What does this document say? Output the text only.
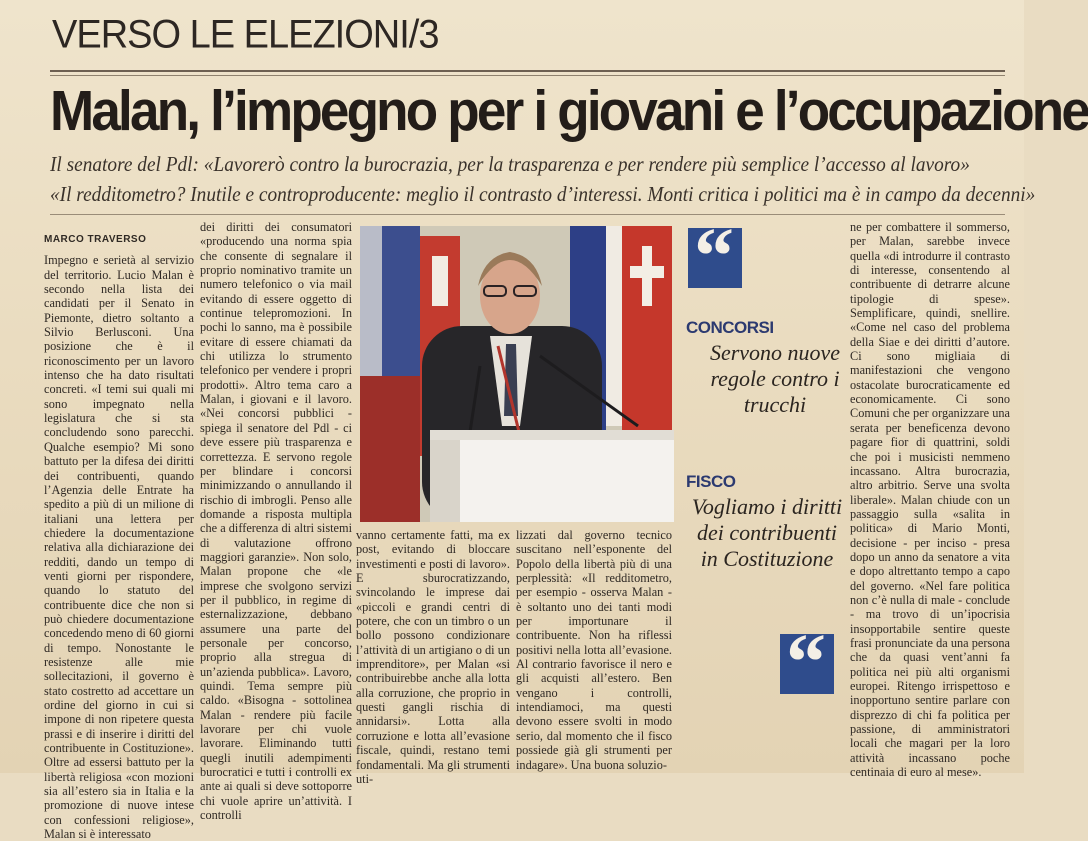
VERSO LE ELEZIONI/3
Malan, l’impegno per i giovani e l’occupazione
Il senatore del Pdl: «Lavorerò contro la burocrazia, per la trasparenza e per rendere più semplice l’accesso al lavoro»
«Il redditometro? Inutile e controproducente: meglio il contrasto d’interessi. Monti critica i politici ma è in campo da decenni»
MARCO TRAVERSO

Impegno e serietà al servizio del territorio. Lucio Malan è secondo nella lista dei candidati per il Senato in Piemonte, dietro soltanto a Silvio Berlusconi. Una posizione che è il riconoscimento per un lavoro intenso che ha dato risultati concreti. «I temi sui quali mi sono impegnato nella legislatura che si sta concludendo sono parecchi. Qualche esempio? Mi sono battuto per la difesa dei diritti dei contribuenti, quando l’Agenzia delle Entrate ha spedito a più di un milione di italiani una lettera per chiedere la documentazione relativa alla dichiarazione dei redditi, dando un tempo di venti giorni per rispondere, quando lo statuto del contribuente dice che non si può chiedere documentazione concedendo meno di 60 giorni di tempo. Nonostante le resistenze alle mie sollecitazioni, il governo è stato costretto ad accettare un ordine del giorno in cui si impone di non ripetere questa prassi e di inserire i diritti del contribuente in Costituzione». Oltre ad essersi battuto per la libertà religiosa «con mozioni sia all’estero sia in Italia e la promozione di nuove intese con confessioni religiose», Malan si è interessato

dei diritti dei consumatori «producendo una norma spia che consente di segnalare il proprio nominativo tramite un numero telefonico o via mail evitando di essere oggetto di continue telepromozioni. In pochi lo sanno, ma è possibile evitare di essere chiamati da chi utilizza lo strumento telefonico per vendere i propri prodotti». Altro tema caro a Malan, i giovani e il lavoro. «Nei concorsi pubblici - spiega il senatore del Pdl - ci deve essere più trasparenza e correttezza. E servono regole per blindare i concorsi minimizzando o annullando il rischio di imbrogli. Penso alle domande a risposta multipla che a differenza di altri sistemi di valutazione offrono maggiori garanzie». Non solo, Malan propone che «le imprese che svolgono servizi per il pubblico, in regime di esternalizzazione, debbano assumere una parte del personale per concorso, proprio alla stregua di un’azienda pubblica». Lavoro, quindi. Tema sempre più caldo. «Bisogna - sottolinea Malan - rendere più facile lavorare per chi vuole lavorare. Eliminando tutti quegli inutili adempimenti burocratici e tutti i controlli ex ante ai quali si deve sottoporre chi vuole aprire un’attività. I controlli

vanno certamente fatti, ma ex post, evitando di bloccare investimenti e posti di lavoro». E sburocratizzando, svincolando le imprese dai «piccoli e grandi centri di potere, che con un timbro o un bollo possono condizionare l’attività di un artigiano o di un imprenditore», per Malan «si contribuirebbe anche alla lotta alla corruzione, che proprio in questi gangli rischia di annidarsi». Lotta alla corruzione e lotta all’evasione fiscale, quindi, restano temi fondamentali. Ma gli strumenti uti-

lizzati dal governo tecnico suscitano nell’esponente del Popolo della libertà più di una perplessità: «Il redditometro, per esempio - osserva Malan - è soltanto uno dei tanti modi per importunare il contribuente. Non ha riflessi positivi nella lotta all’evasione. Al contrario favorisce il nero e gli acquisti all’estero. Ben vengano i controlli, intendiamoci, ma questi devono essere svolti in modo serio, dal momento che il fisco possiede già gli strumenti per indagare». Una buona soluzio-

“
CONCORSI
Servono nuove regole contro i trucchi
FISCO
Vogliamo i diritti dei contribuenti in Costituzione

ne per combattere il sommerso, per Malan, sarebbe invece quella «di introdurre il contrasto di interesse, consentendo al contribuente di detrarre alcune tipologie di spese». Semplificare, quindi, snellire. «Come nel caso del problema della Siae e dei diritti d’autore. Ci sono migliaia di manifestazioni che vengono ostacolate burocraticamente ed economicamente. Ci sono Comuni che per organizzare una serata per beneficenza devono pagare fior di quattrini, soldi che poi i musicisti nemmeno incassano. Altra burocrazia, altro arbitrio. Serve una svolta liberale». Malan chiude con un passaggio sulla «salita in politica» di Mario Monti, decisione - per inciso - presa dopo un anno da senatore a vita e dopo altrettanto tempo a capo del governo. «Nel fare politica non c’è nulla di male - conclude - ma trovo di un’ipocrisia insopportabile sentire queste frasi pronunciate da una persona che da quasi vent’anni fa politica nei più alti organismi europei. Ritengo irrispettoso e inopportuno sentire parlare con disprezzo di chi fa politica per passione, di amministratori locali che magari per la loro attività incassano poche centinaia di euro al mese».

“
